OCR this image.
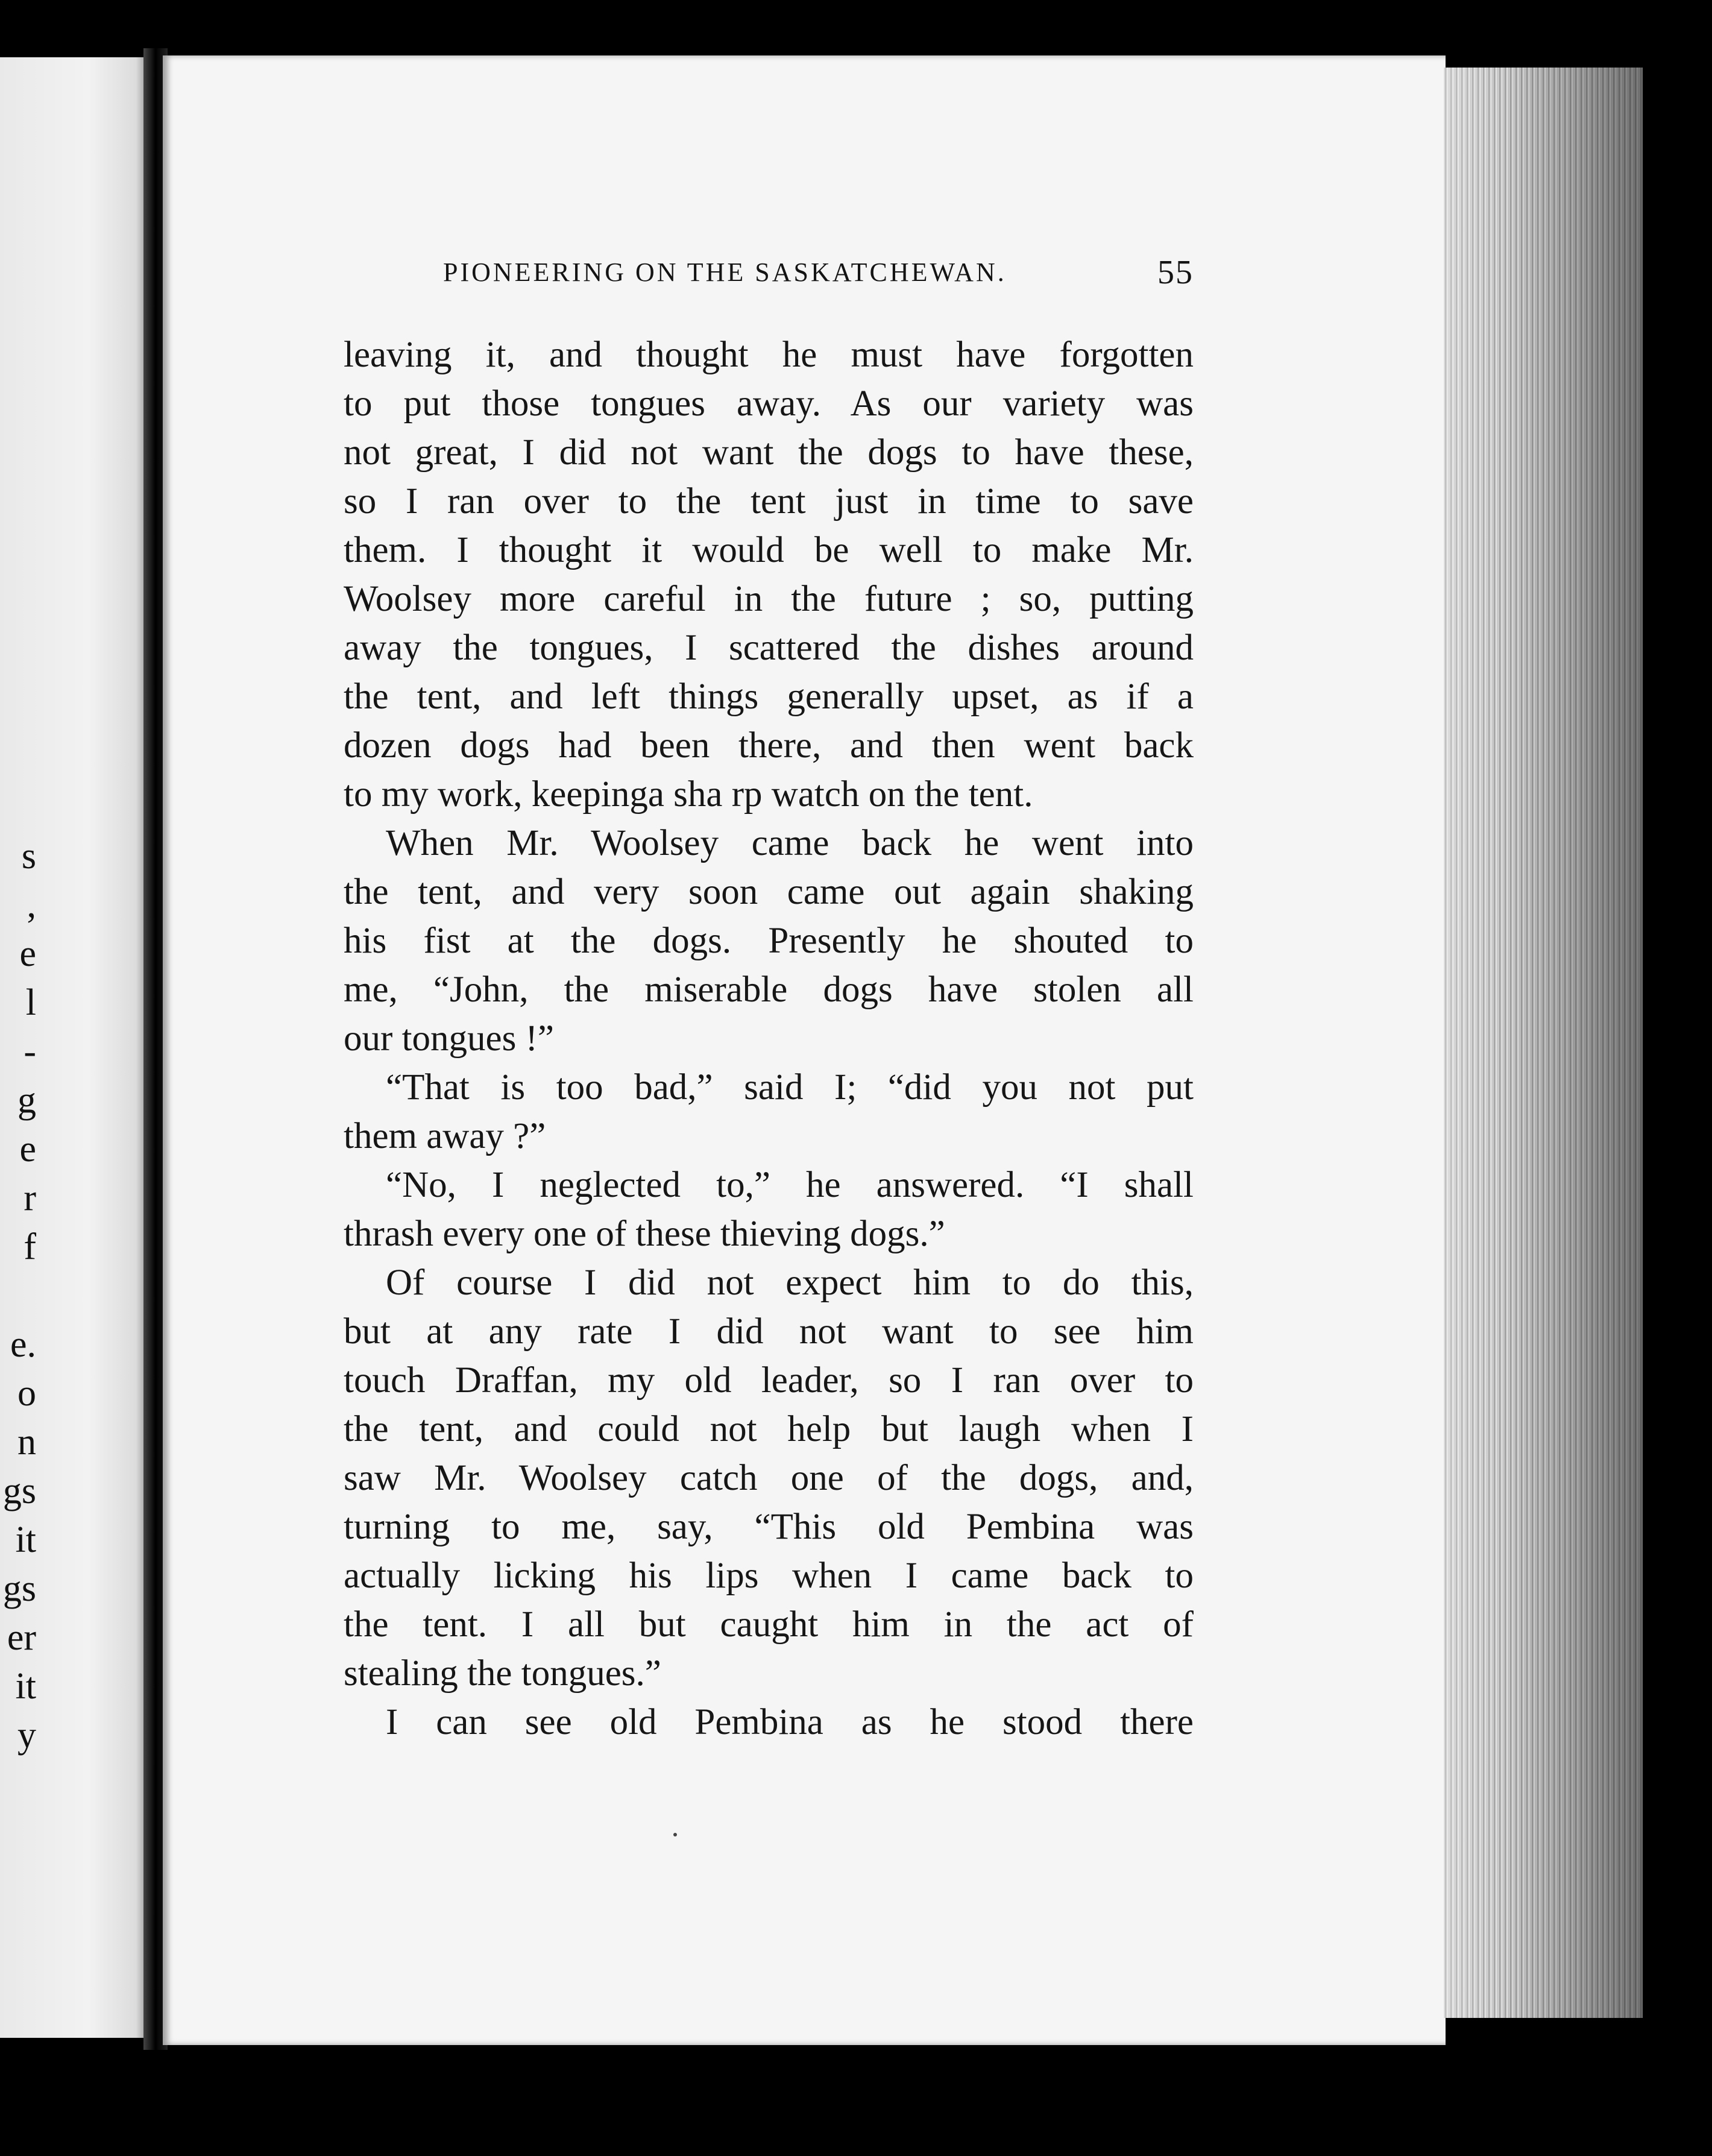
s
,
e
l
-
g
e
r
f
e.
o
n
gs
it
gs
er
it
y
PIONEERING ON THE SASKATCHEWAN.	55
leaving it, and thought he must have forgotten
to put those tongues away. As our variety was
not great, I did not want the dogs to have these,
so I ran over to the tent just in time to save
them. I thought it would be well to make Mr.
Woolsey more careful in the future ; so, putting
away the tongues, I scattered the dishes around
the tent, and left things generally upset, as if a
dozen dogs had been there, and then went back
to my work, keepinga sha rp watch on the tent.
When Mr. Woolsey came back he went into
the tent, and very soon came out again shaking
his fist at the dogs. Presently he shouted to
me, “John, the miserable dogs have stolen all
our tongues !”
“That is too bad,” said I; “did you not put
them away ?”
“No, I neglected to,” he answered. “I shall
thrash every one of these thieving dogs.”
Of course I did not expect him to do this,
but at any rate I did not want to see him
touch Draffan, my old leader, so I ran over to
the tent, and could not help but laugh when I
saw Mr. Woolsey catch one of the dogs, and,
turning to me, say, “This old Pembina was
actually licking his lips when I came back to
the tent. I all but caught him in the act of
stealing the tongues.”
I can see old Pembina as he stood there
